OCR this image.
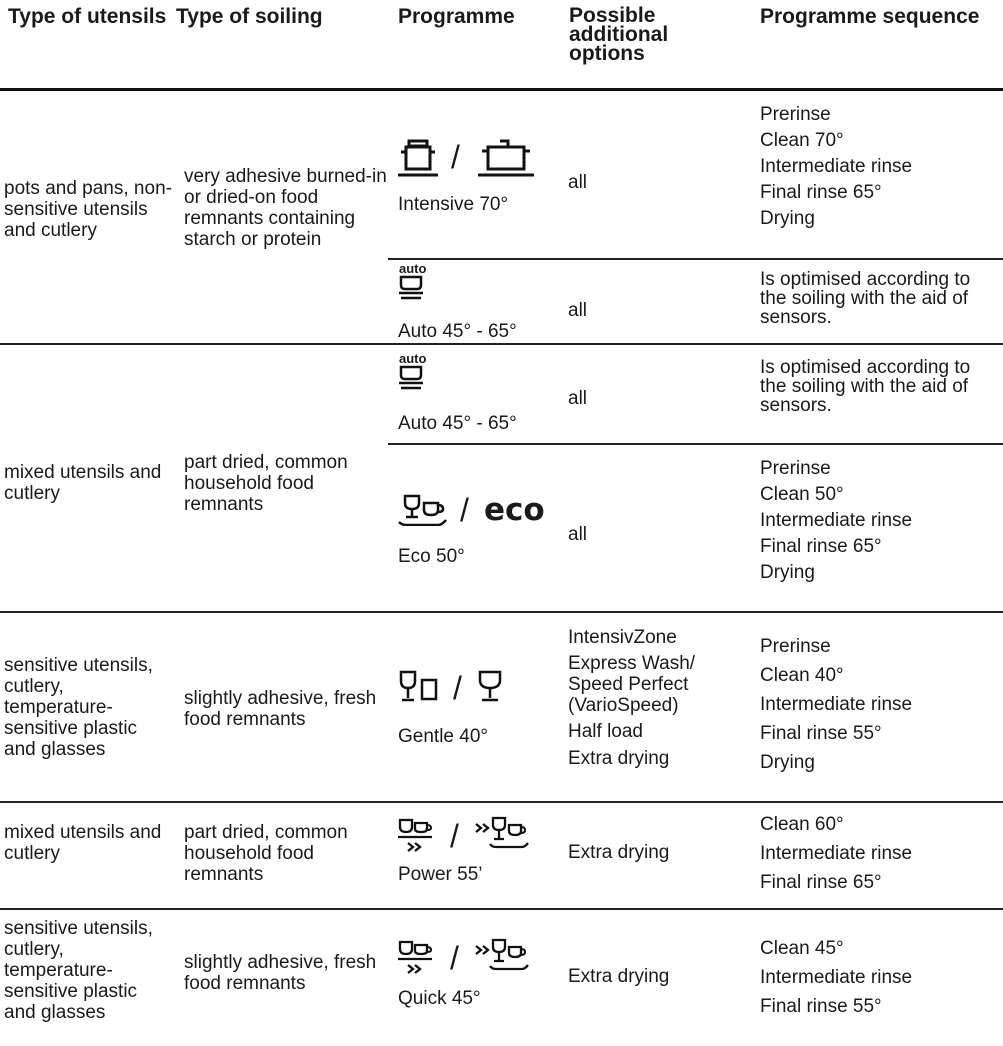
Type of utensils Type of soiling	Programme	Possible additional options
Programme sequence
pots and pans, non-sensitive utensils and cutlery
very adhesive burned-in or dried-on food remnants containing starch or protein
/
Intensive 70°
all
Prerinse
Clean 70°
Intermediate rinse
Final rinse 65°
Drying
auto
Auto 45° - 65°
all
Is optimised according to the soiling with the aid of sensors.
mixed utensils and cutlery
part dried, common household food remnants
auto
Auto 45° - 65°
all
Is optimised according to the soiling with the aid of sensors.
/ eco
Eco 50°
all
Prerinse
Clean 50°
Intermediate rinse
Final rinse 65°
Drying
sensitive utensils, cutlery, temperature-sensitive plastic and glasses
slightly adhesive, fresh food remnants
/
Gentle 40°
IntensivZone
Express Wash/ Speed Perfect (VarioSpeed)
Half load
Extra drying
Prerinse
Clean 40°
Intermediate rinse
Final rinse 55°
Drying
mixed utensils and cutlery
part dried, common household food remnants
/
Power 55’
Extra drying
Clean 60°
Intermediate rinse
Final rinse 65°
sensitive utensils, cutlery, temperature-sensitive plastic and glasses
slightly adhesive, fresh food remnants
/
Quick 45°
Extra drying
Clean 45°
Intermediate rinse
Final rinse 55°
